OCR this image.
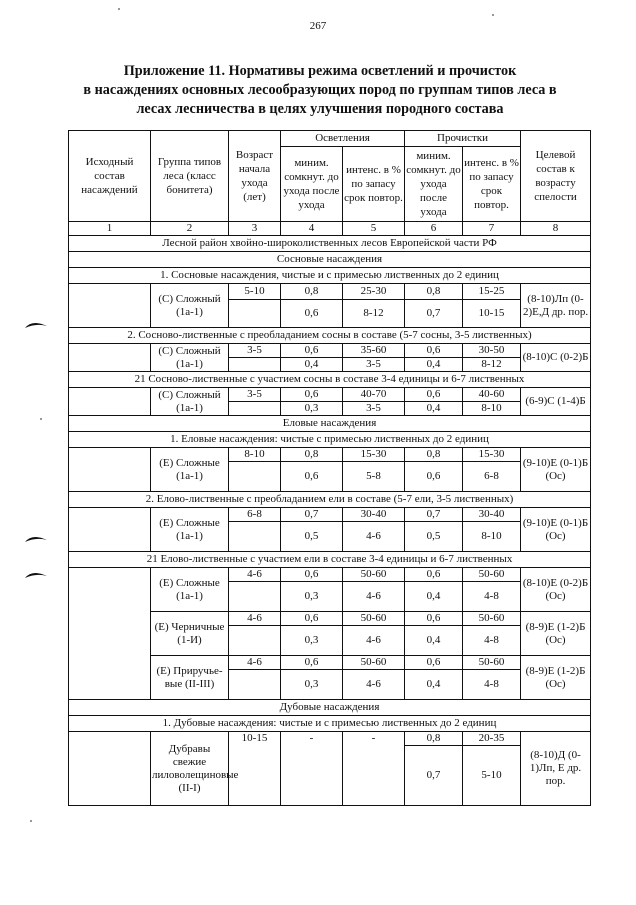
267
Приложение 11. Нормативы режима осветлений и прочисток
в насаждениях основных лесообразующих пород по группам типов леса в
лесах лесничества в целях улучшения породного состава
Исходный состав насаждений	Группа типов леса (класс бонитета)	Возраст начала ухода (лет)	Осветления		Прочистки		Целевой состав к возрасту спелости
			миним. сомкнут. до ухода после ухода	интенс. в % по запасу срок повтор.	миним. сомкнут. до ухода после ухода	интенс. в % по запасу срок повтор.	
1	2	3	4	5	6	7	8
Лесной район хвойно-широколиственных лесов Европейской части РФ							
Сосновые насаждения							
1. Сосновые насаждения, чистые и с примесью лиственных до 2 единиц							
	(С) Сложный (1а-1)	5-10	0,8	25-30	0,8	15-25	(8-10)Лп (0-2)Е,Д др. пор.
			0,6	8-12	0,7	10-15	
2. Сосново-лиственные с преобладанием сосны в составе (5-7 сосны, 3-5 лиственных)							
	(С) Сложный (1а-1)	3-5	0,6	35-60	0,6	30-50	(8-10)С (0-2)Б
			0,4	3-5	0,4	8-12	
21 Сосново-лиственные с участием сосны в составе 3-4 единицы и 6-7 лиственных							
	(С) Сложный (1а-1)	3-5	0,6	40-70	0,6	40-60	(6-9)С (1-4)Б
			0,3	3-5	0,4	8-10	
Еловые насаждения							
1. Еловые насаждения: чистые с примесью лиственных до 2 единиц							
	(Е) Сложные (1а-1)	8-10	0,8	15-30	0,8	15-30	(9-10)Е (0-1)Б (Ос)
			0,6	5-8	0,6	6-8	
2. Елово-лиственные с преобладанием ели в составе (5-7 ели, 3-5 лиственных)							
	(Е) Сложные (1а-1)	6-8	0,7	30-40	0,7	30-40	(9-10)Е (0-1)Б (Ос)
			0,5	4-6	0,5	8-10	
21 Елово-лиственные с участием ели в составе 3-4 единицы и 6-7 лиственных							
	(Е) Сложные (1а-1)	4-6	0,6	50-60	0,6	50-60	(8-10)Е (0-2)Б (Ос)
			0,3	4-6	0,4	4-8	
	(Е) Черничные (1-И)	4-6	0,6	50-60	0,6	50-60	(8-9)Е (1-2)Б (Ос)
			0,3	4-6	0,4	4-8	
	(Е) Приручье- вые (II-III)	4-6	0,6	50-60	0,6	50-60	(8-9)Е (1-2)Б (Ос)
			0,3	4-6	0,4	4-8	
Дубовые насаждения							
1. Дубовые насаждения: чистые и с примесью лиственных до 2 единиц							
	Дубравы свежие лиловолещиновые (II-I)	10-15	-	-	0,8	20-35	(8-10)Д (0-1)Лп, Е др. пор.
					0,7	5-10	
